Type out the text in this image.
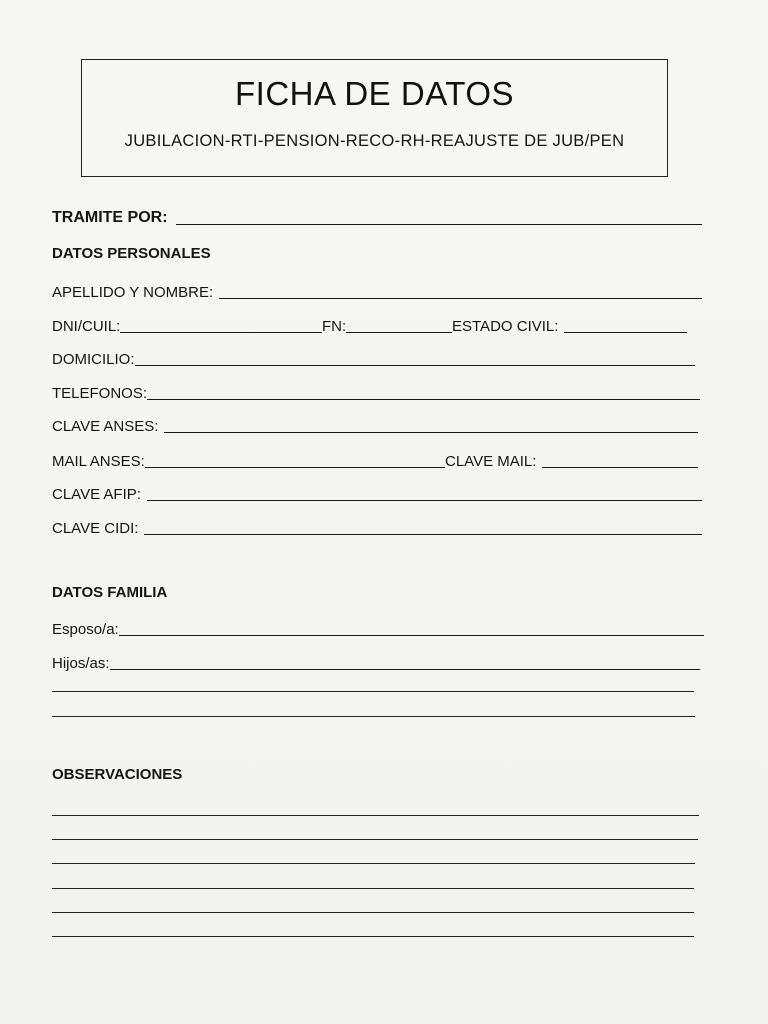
FICHA DE DATOS
JUBILACION-RTI-PENSION-RECO-RH-REAJUSTE DE JUB/PEN
TRAMITE POR:
DATOS PERSONALES
APELLIDO Y NOMBRE:
DNI/CUIL:	FN:	ESTADO CIVIL:
DOMICILIO:
TELEFONOS:
CLAVE ANSES:
MAIL ANSES:	CLAVE MAIL:
CLAVE AFIP:
CLAVE CIDI:
DATOS FAMILIA
Esposo/a:
Hijos/as:
OBSERVACIONES
